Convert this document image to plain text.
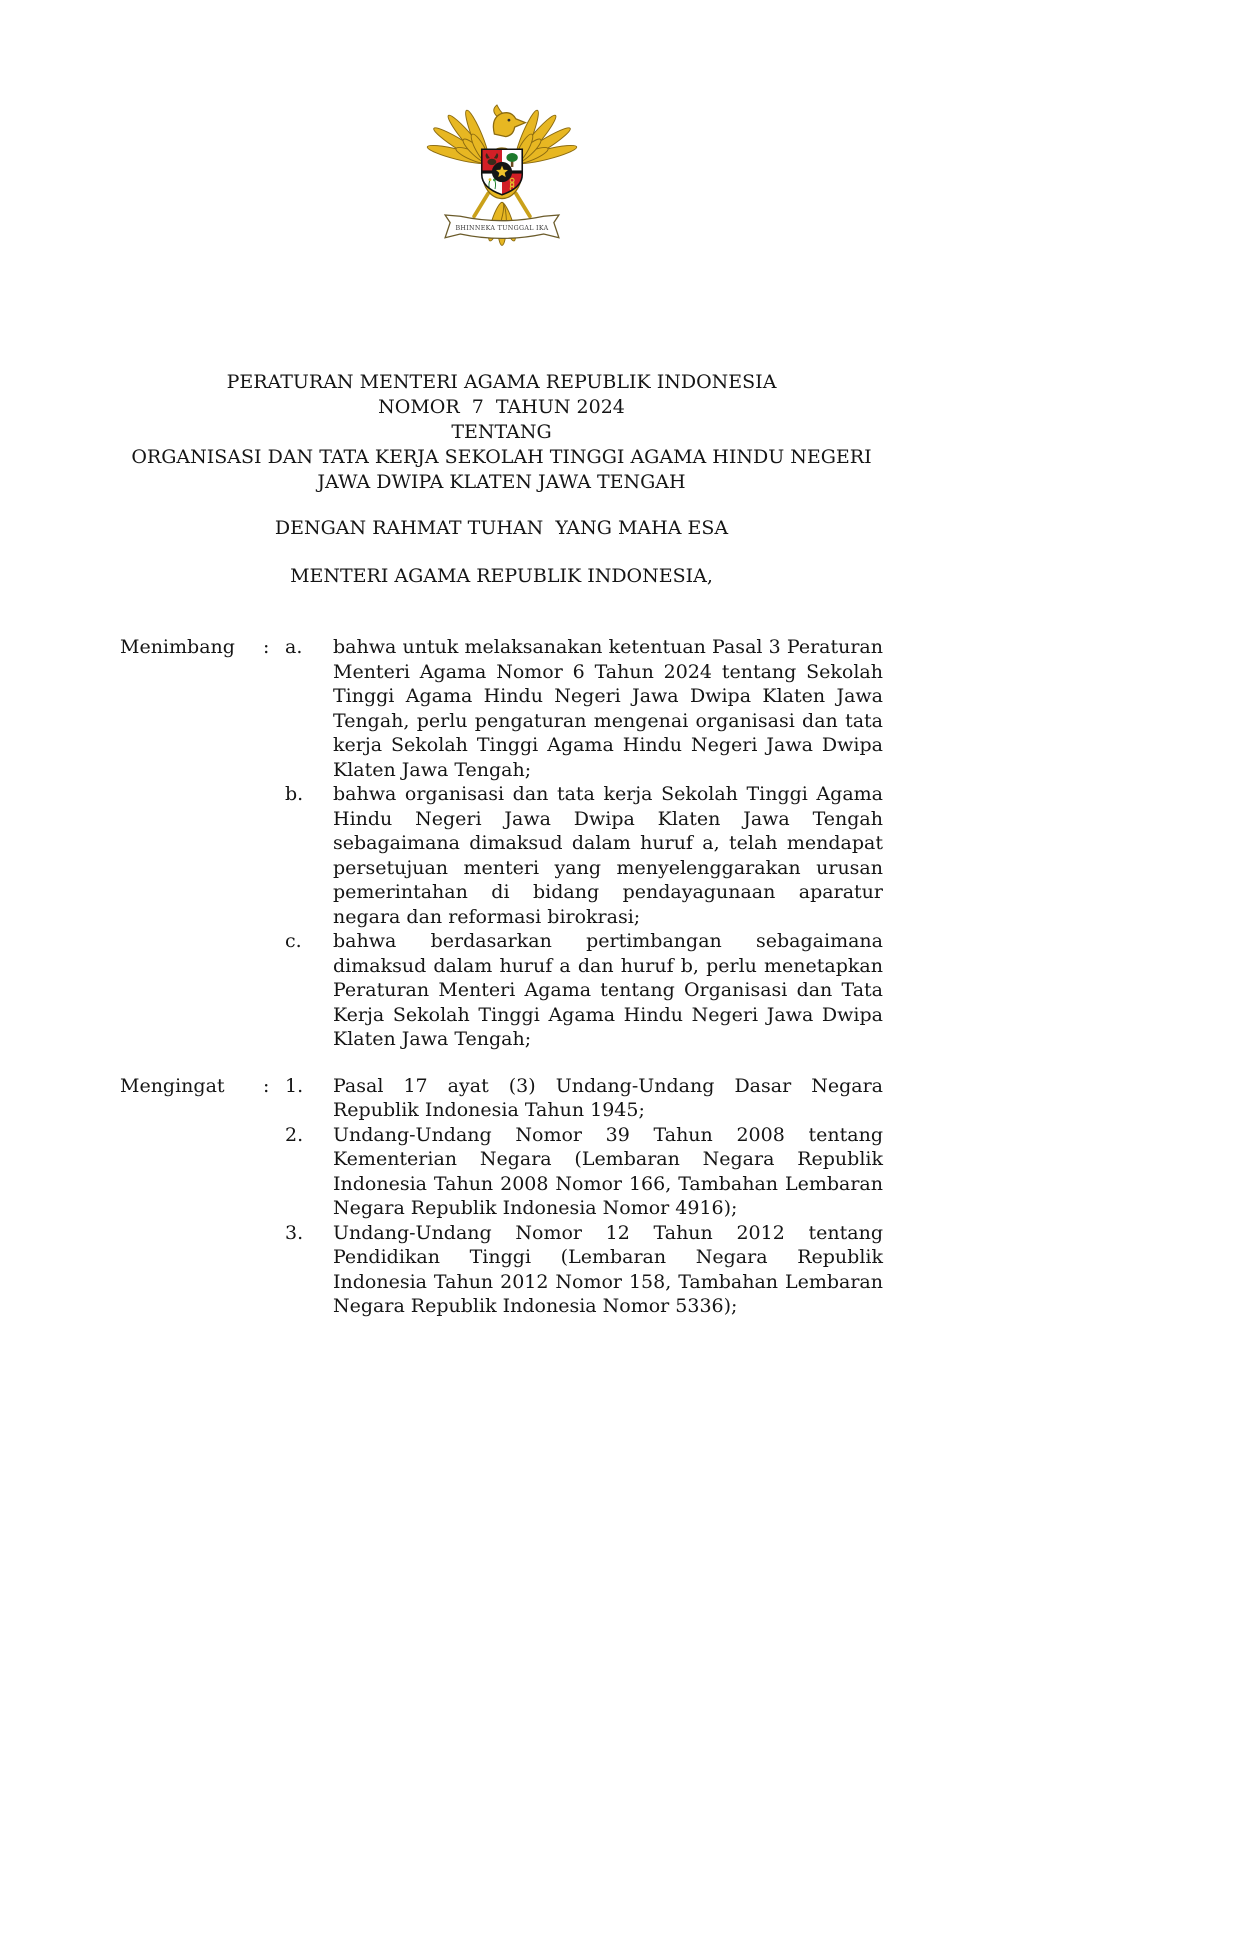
BHINNEKA TUNGGAL IKA
PERATURAN MENTERI AGAMA REPUBLIK INDONESIA
NOMOR  7  TAHUN 2024
TENTANG
ORGANISASI DAN TATA KERJA SEKOLAH TINGGI AGAMA HINDU NEGERI
JAWA DWIPA KLATEN JAWA TENGAH
DENGAN RAHMAT TUHAN  YANG MAHA ESA
MENTERI AGAMA REPUBLIK INDONESIA,
Menimbang	: a.	bahwa untuk melaksanakan ketentuan Pasal 3 Peraturan Menteri Agama Nomor 6 Tahun 2024 tentang Sekolah Tinggi Agama Hindu Negeri Jawa Dwipa Klaten Jawa Tengah, perlu pengaturan mengenai organisasi dan tata kerja Sekolah Tinggi Agama Hindu Negeri Jawa Dwipa Klaten Jawa Tengah;
b.	bahwa organisasi dan tata kerja Sekolah Tinggi Agama Hindu Negeri Jawa Dwipa Klaten Jawa Tengah sebagaimana dimaksud dalam huruf a, telah mendapat persetujuan menteri yang menyelenggarakan urusan pemerintahan di bidang pendayagunaan aparatur negara dan reformasi birokrasi;
c.	bahwa berdasarkan pertimbangan sebagaimana dimaksud dalam huruf a dan huruf b, perlu menetapkan Peraturan Menteri Agama tentang Organisasi dan Tata Kerja Sekolah Tinggi Agama Hindu Negeri Jawa Dwipa Klaten Jawa Tengah;
Mengingat	: 1.	Pasal 17 ayat (3) Undang-Undang Dasar Negara Republik Indonesia Tahun 1945;
2.	Undang-Undang Nomor 39 Tahun 2008 tentang Kementerian Negara (Lembaran Negara Republik Indonesia Tahun 2008 Nomor 166, Tambahan Lembaran Negara Republik Indonesia Nomor 4916);
3.	Undang-Undang Nomor 12 Tahun 2012 tentang Pendidikan Tinggi (Lembaran Negara Republik Indonesia Tahun 2012 Nomor 158, Tambahan Lembaran Negara Republik Indonesia Nomor 5336);
